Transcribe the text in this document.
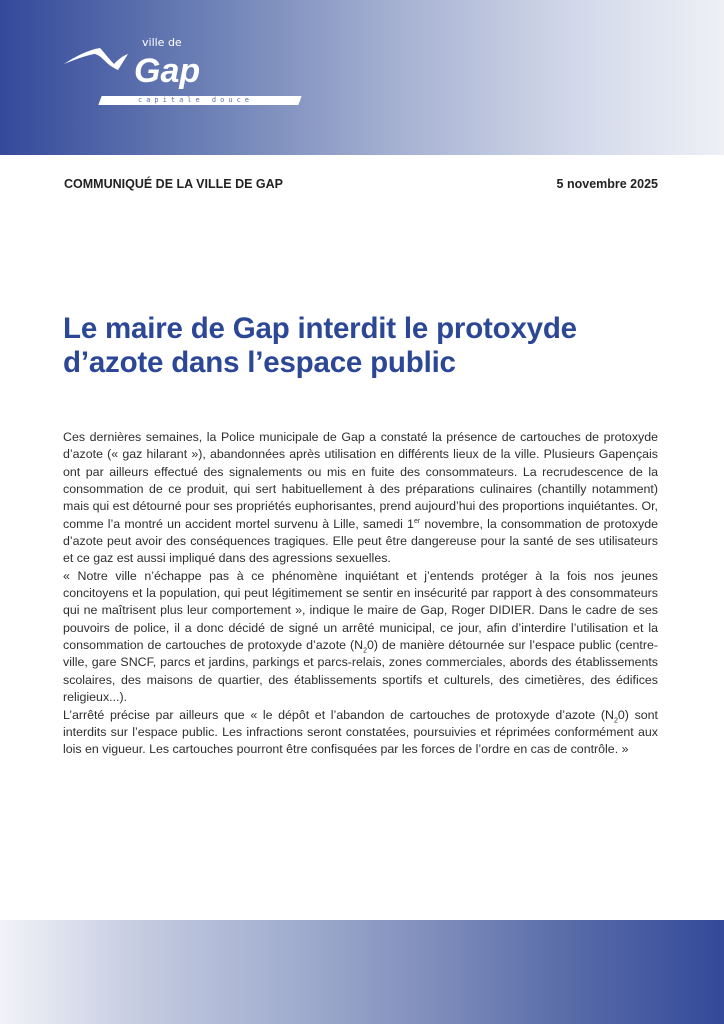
ville de
Gap
capitale douce
COMMUNIQUÉ DE LA VILLE DE GAP	5 novembre 2025
Le maire de Gap interdit le protoxyde
d’azote dans l’espace public

Ces dernières semaines, la Police municipale de Gap a constaté la présence de cartouches de protoxyde d’azote (« gaz hilarant »), abandonnées après utilisation en différents lieux de la ville. Plusieurs Gapençais ont par ailleurs effectué des signalements ou mis en fuite des consommateurs. La recrudescence de la consommation de ce produit, qui sert habituellement à des préparations culinaires (chantilly notamment) mais qui est détourné pour ses propriétés euphorisantes, prend aujourd’hui des proportions inquiétantes. Or, comme l’a montré un accident mortel survenu à Lille, samedi 1er novembre, la consommation de protoxyde d’azote peut avoir des conséquences tragiques. Elle peut être dangereuse pour la santé de ses utilisateurs et ce gaz est aussi impliqué dans des agressions sexuelles.

« Notre ville n’échappe pas à ce phénomène inquiétant et j’entends protéger à la fois nos jeunes concitoyens et la population, qui peut légitimement se sentir en insécurité par rapport à des consommateurs qui ne maîtrisent plus leur comportement », indique le maire de Gap, Roger DIDIER. Dans le cadre de ses pouvoirs de police, il a donc décidé de signé un arrêté municipal, ce jour, afin d’interdire l’utilisation et la consommation de cartouches de protoxyde d’azote $(N_20)$ de manière détournée sur l’espace public (centre-ville, gare SNCF, parcs et jardins, parkings et parcs-relais, zones commerciales, abords des établissements scolaires, des maisons de quartier, des établissements sportifs et culturels, des cimetières, des édifices religieux...).

L’arrêté précise par ailleurs que « le dépôt et l’abandon de cartouches de protoxyde d’azote $(N_20)$ sont interdits sur l’espace public. Les infractions seront constatées, poursuivies et réprimées conformément aux lois en vigueur. Les cartouches pourront être confisquées par les forces de l’ordre en cas de contrôle. »
